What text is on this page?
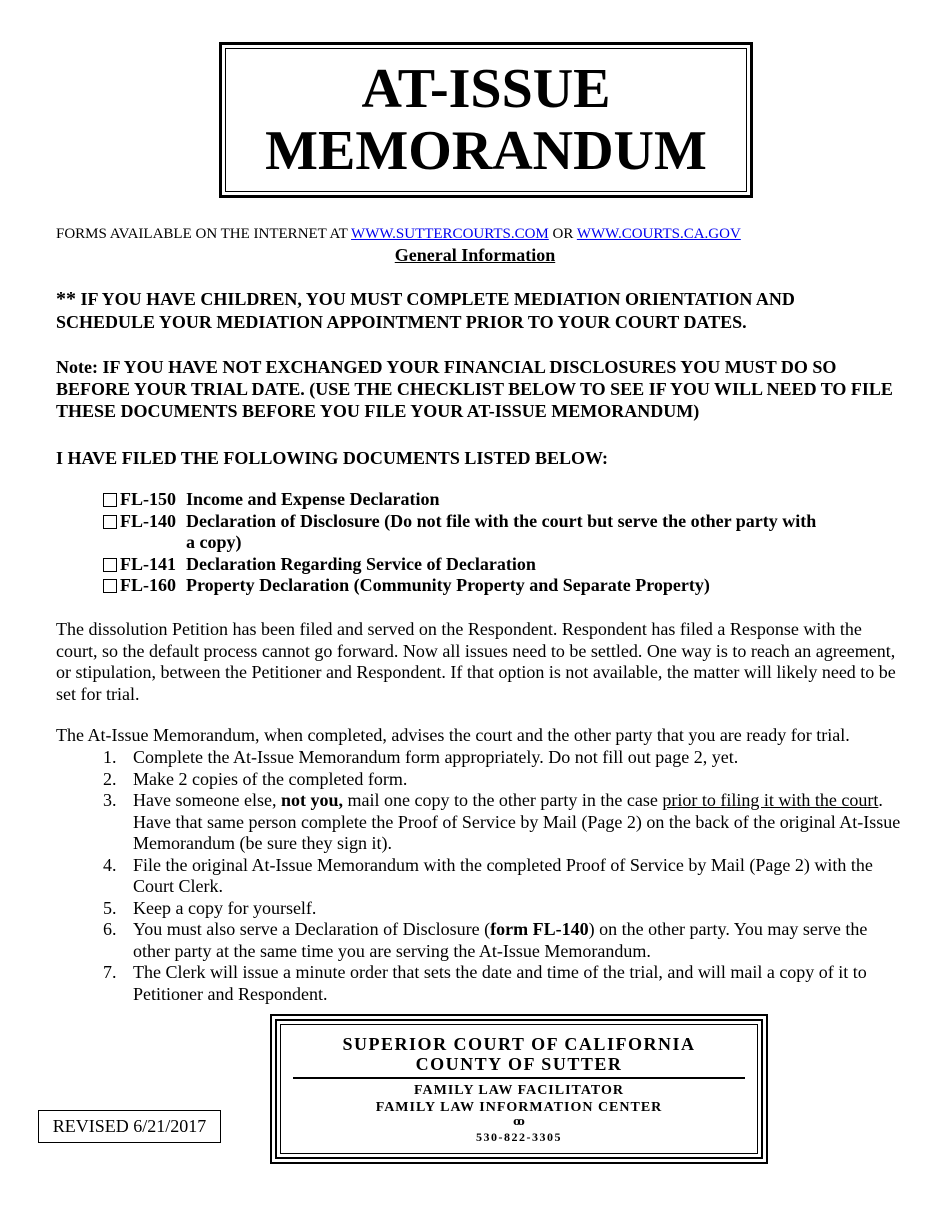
AT-ISSUE
MEMORANDUM
FORMS AVAILABLE ON THE INTERNET AT WWW.SUTTERCOURTS.COM OR WWW.COURTS.CA.GOV
General Information
** IF YOU HAVE CHILDREN, YOU MUST COMPLETE MEDIATION ORIENTATION AND SCHEDULE YOUR MEDIATION APPOINTMENT PRIOR TO YOUR COURT DATES.
Note: IF YOU HAVE NOT EXCHANGED YOUR FINANCIAL DISCLOSURES YOU MUST DO SO BEFORE YOUR TRIAL DATE. (USE THE CHECKLIST BELOW TO SEE IF YOU WILL NEED TO FILE THESE DOCUMENTS BEFORE YOU FILE YOUR AT-ISSUE MEMORANDUM)
I HAVE FILED THE FOLLOWING DOCUMENTS LISTED BELOW:
FL-150 Income and Expense Declaration
FL-140 Declaration of Disclosure (Do not file with the court but serve the other party with a copy)
FL-141 Declaration Regarding Service of Declaration
FL-160 Property Declaration (Community Property and Separate Property)
The dissolution Petition has been filed and served on the Respondent. Respondent has filed a Response with the court, so the default process cannot go forward. Now all issues need to be settled. One way is to reach an agreement, or stipulation, between the Petitioner and Respondent. If that option is not available, the matter will likely need to be set for trial.
The At-Issue Memorandum, when completed, advises the court and the other party that you are ready for trial.
1. Complete the At-Issue Memorandum form appropriately. Do not fill out page 2, yet.
2. Make 2 copies of the completed form.
3. Have someone else, not you, mail one copy to the other party in the case prior to filing it with the court. Have that same person complete the Proof of Service by Mail (Page 2) on the back of the original At-Issue Memorandum (be sure they sign it).
4. File the original At-Issue Memorandum with the completed Proof of Service by Mail (Page 2) with the Court Clerk.
5. Keep a copy for yourself.
6. You must also serve a Declaration of Disclosure (form FL-140) on the other party. You may serve the other party at the same time you are serving the At-Issue Memorandum.
7. The Clerk will issue a minute order that sets the date and time of the trial, and will mail a copy of it to Petitioner and Respondent.
SUPERIOR COURT OF CALIFORNIA
COUNTY OF SUTTER
FAMILY LAW FACILITATOR
FAMILY LAW INFORMATION CENTER
ꝏ
530-822-3305
REVISED 6/21/2017
